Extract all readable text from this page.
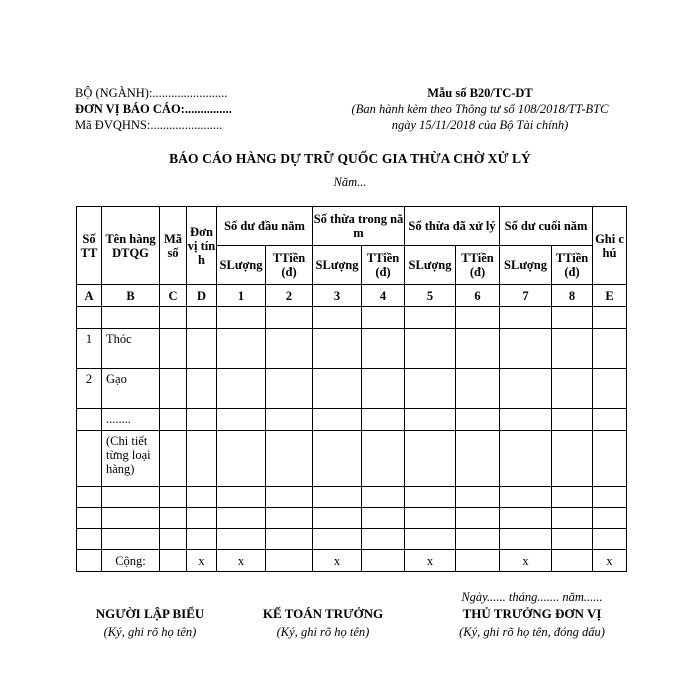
BỘ (NGÀNH):........................
ĐƠN VỊ BÁO CÁO:...............
Mã ĐVQHNS:.......................
Mẫu số B20/TC-DT
(Ban hành kèm theo Thông tư số 108/2018/TT-BTC
ngày 15/11/2018 của Bộ Tài chính)
BÁO CÁO HÀNG DỰ TRỮ QUỐC GIA THỪA CHỜ XỬ LÝ
Năm...
Số TT	Tên hàng DTQG	Mã số	Đơn vị tính	Số dư đầu năm		Số thừa trong năm		Số thừa đã xử lý		Số dư cuối năm		Ghi chú
				SLượng	TTiền (đ)	SLượng	TTiền (đ)	SLượng	TTiền (đ)	SLượng	TTiền (đ)	
A	B	C	D	1	2	3	4	5	6	7	8	E

1	Thóc											
2	Gạo											
	........											
	(Chi tiết từng loại hàng)											

	Cộng:		x	x		x		x		x		x
Ngày...... tháng....... năm......
NGƯỜI LẬP BIỂU
(Ký, ghi rõ họ tên)
KẾ TOÁN TRƯỞNG
(Ký, ghi rõ họ tên)
THỦ TRƯỞNG ĐƠN VỊ
(Ký, ghi rõ họ tên, đóng dấu)
